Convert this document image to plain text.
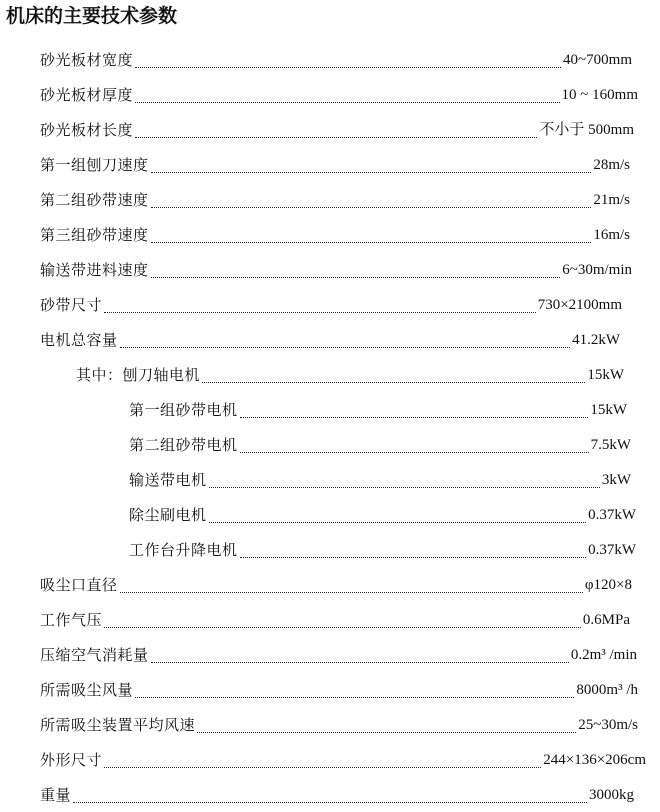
机床的主要技术参数
砂光板材宽度	40~700mm
砂光板材厚度	10 ~ 160mm
砂光板材长度	不小于 500mm
第一组刨刀速度	28m/s
第二组砂带速度	21m/s
第三组砂带速度	16m/s
输送带进料速度	6~30m/min
砂带尺寸	730×2100mm
电机总容量	41.2kW
其中： 刨刀轴电机	15kW
第一组砂带电机	15kW
第二组砂带电机	7.5kW
输送带电机	3kW
除尘刷电机	0.37kW
工作台升降电机	0.37kW
吸尘口直径	φ120×8
工作气压	0.6MPa
压缩空气消耗量	0.2m³ /min
所需吸尘风量	8000m³ /h
所需吸尘装置平均风速	25~30m/s
外形尺寸	244×136×206cm
重量	3000kg
